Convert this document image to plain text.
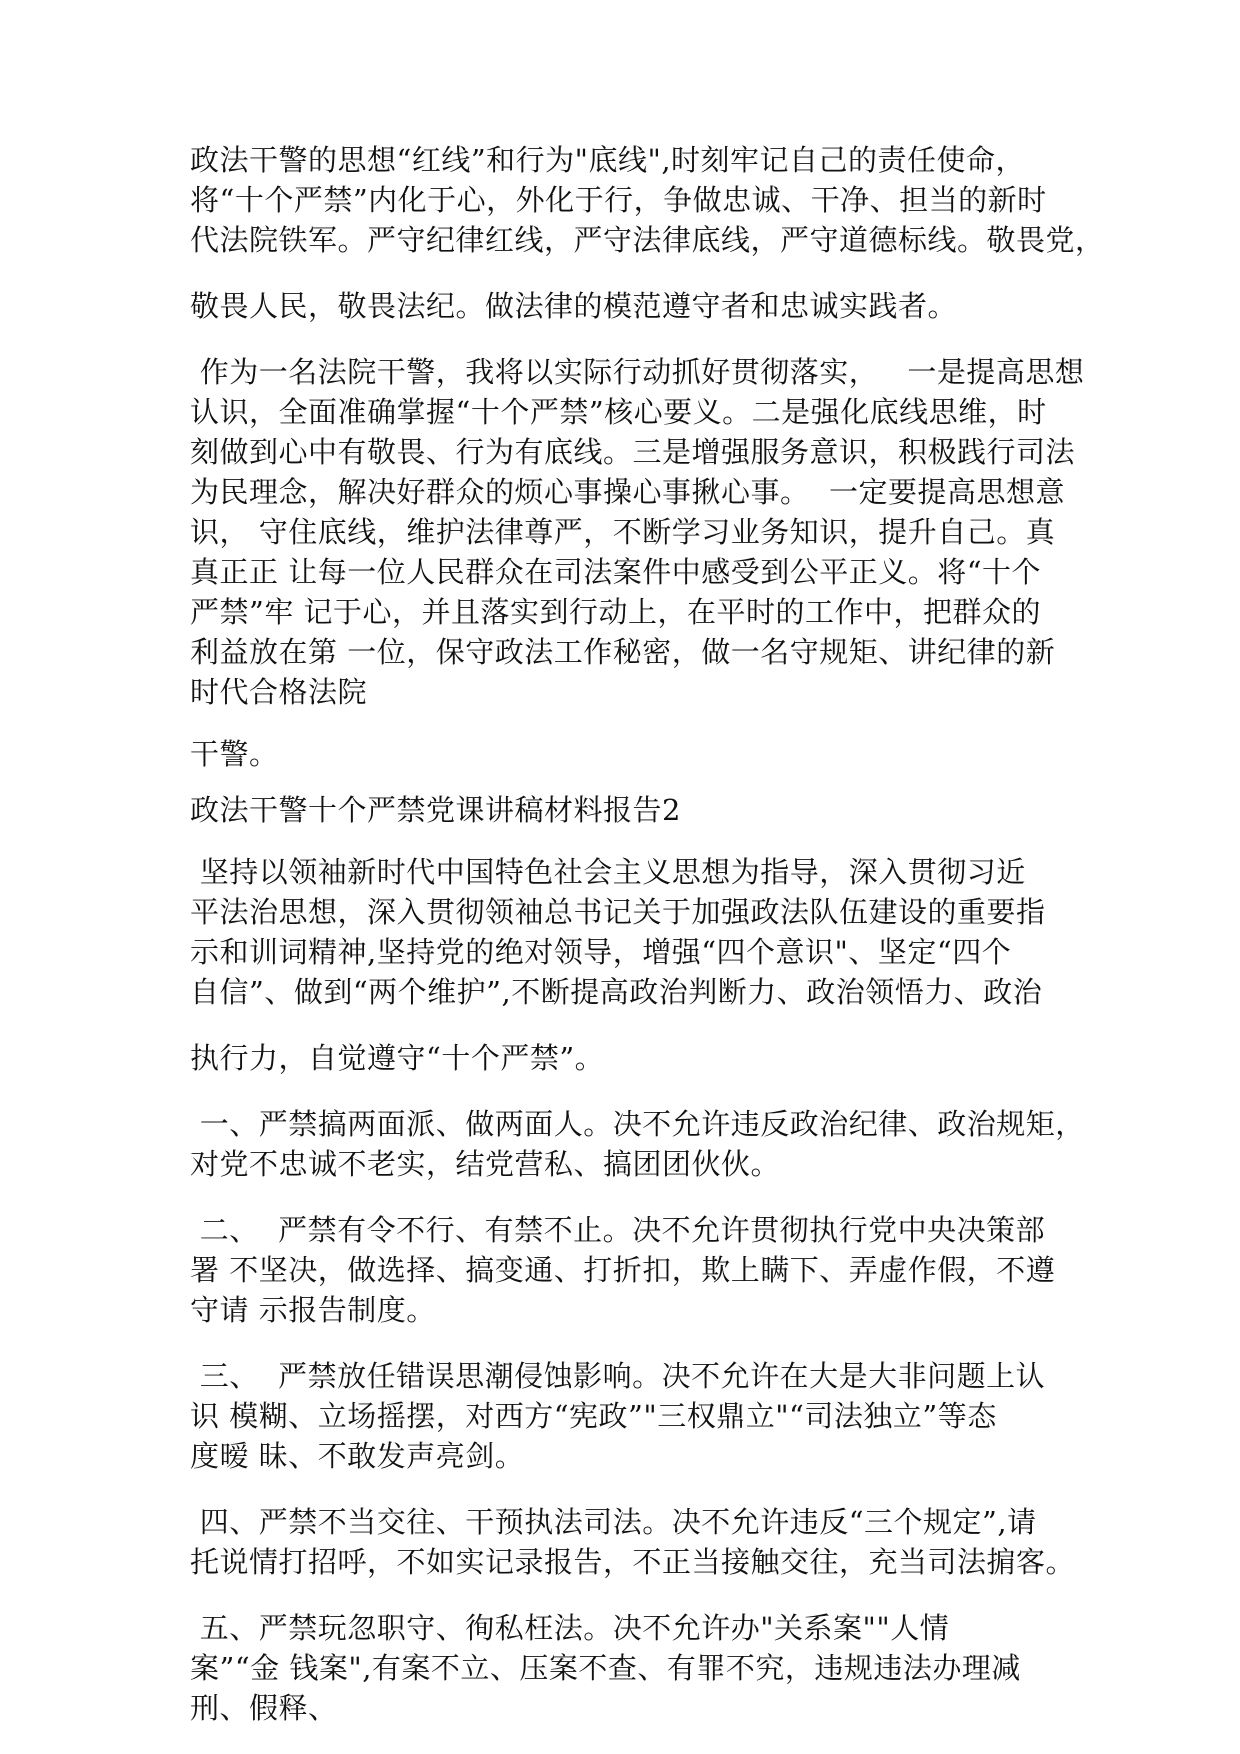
政法干警的思想“红线”和行为"底线",时刻牢记自己的责任使命，
将“十个严禁”内化于心，外化于行，争做忠诚、干净、担当的新时
代法院铁军。严守纪律红线，严守法律底线，严守道德标线。敬畏党，
敬畏人民，敬畏法纪。做法律的模范遵守者和忠诚实践者。
作为一名法院干警，我将以实际行动抓好贯彻落实，   一是提高思想
认识，全面准确掌握“十个严禁”核心要义。二是强化底线思维，时
刻做到心中有敬畏、行为有底线。三是增强服务意识，积极践行司法
为民理念，解决好群众的烦心事操心事揪心事。  一定要提高思想意
识， 守住底线，维护法律尊严，不断学习业务知识，提升自己。真
真正正 让每一位人民群众在司法案件中感受到公平正义。将“十个
严禁”牢 记于心，并且落实到行动上，在平时的工作中，把群众的
利益放在第 一位，保守政法工作秘密，做一名守规矩、讲纪律的新
时代合格法院
干警。
政法干警十个严禁党课讲稿材料报告2
坚持以领袖新时代中国特色社会主义思想为指导，深入贯彻习近
平法治思想，深入贯彻领袖总书记关于加强政法队伍建设的重要指
示和训词精神,坚持党的绝对领导，增强“四个意识"、坚定“四个
自信”、做到“两个维护”,不断提高政治判断力、政治领悟力、政治
执行力，自觉遵守“十个严禁”。
一、严禁搞两面派、做两面人。决不允许违反政治纪律、政治规矩，
对党不忠诚不老实，结党营私、搞团团伙伙。
二、  严禁有令不行、有禁不止。决不允许贯彻执行党中央决策部
署 不坚决，做选择、搞变通、打折扣，欺上瞒下、弄虚作假，不遵
守请 示报告制度。
三、  严禁放任错误思潮侵蚀影响。决不允许在大是大非问题上认
识 模糊、立场摇摆，对西方“宪政”"三权鼎立"“司法独立”等态
度暧 昧、不敢发声亮剑。
四、严禁不当交往、干预执法司法。决不允许违反“三个规定”,请
托说情打招呼，不如实记录报告，不正当接触交往，充当司法掮客。
五、严禁玩忽职守、徇私枉法。决不允许办"关系案""人情
案”“金 钱案",有案不立、压案不查、有罪不究，违规违法办理减
刑、假释、
